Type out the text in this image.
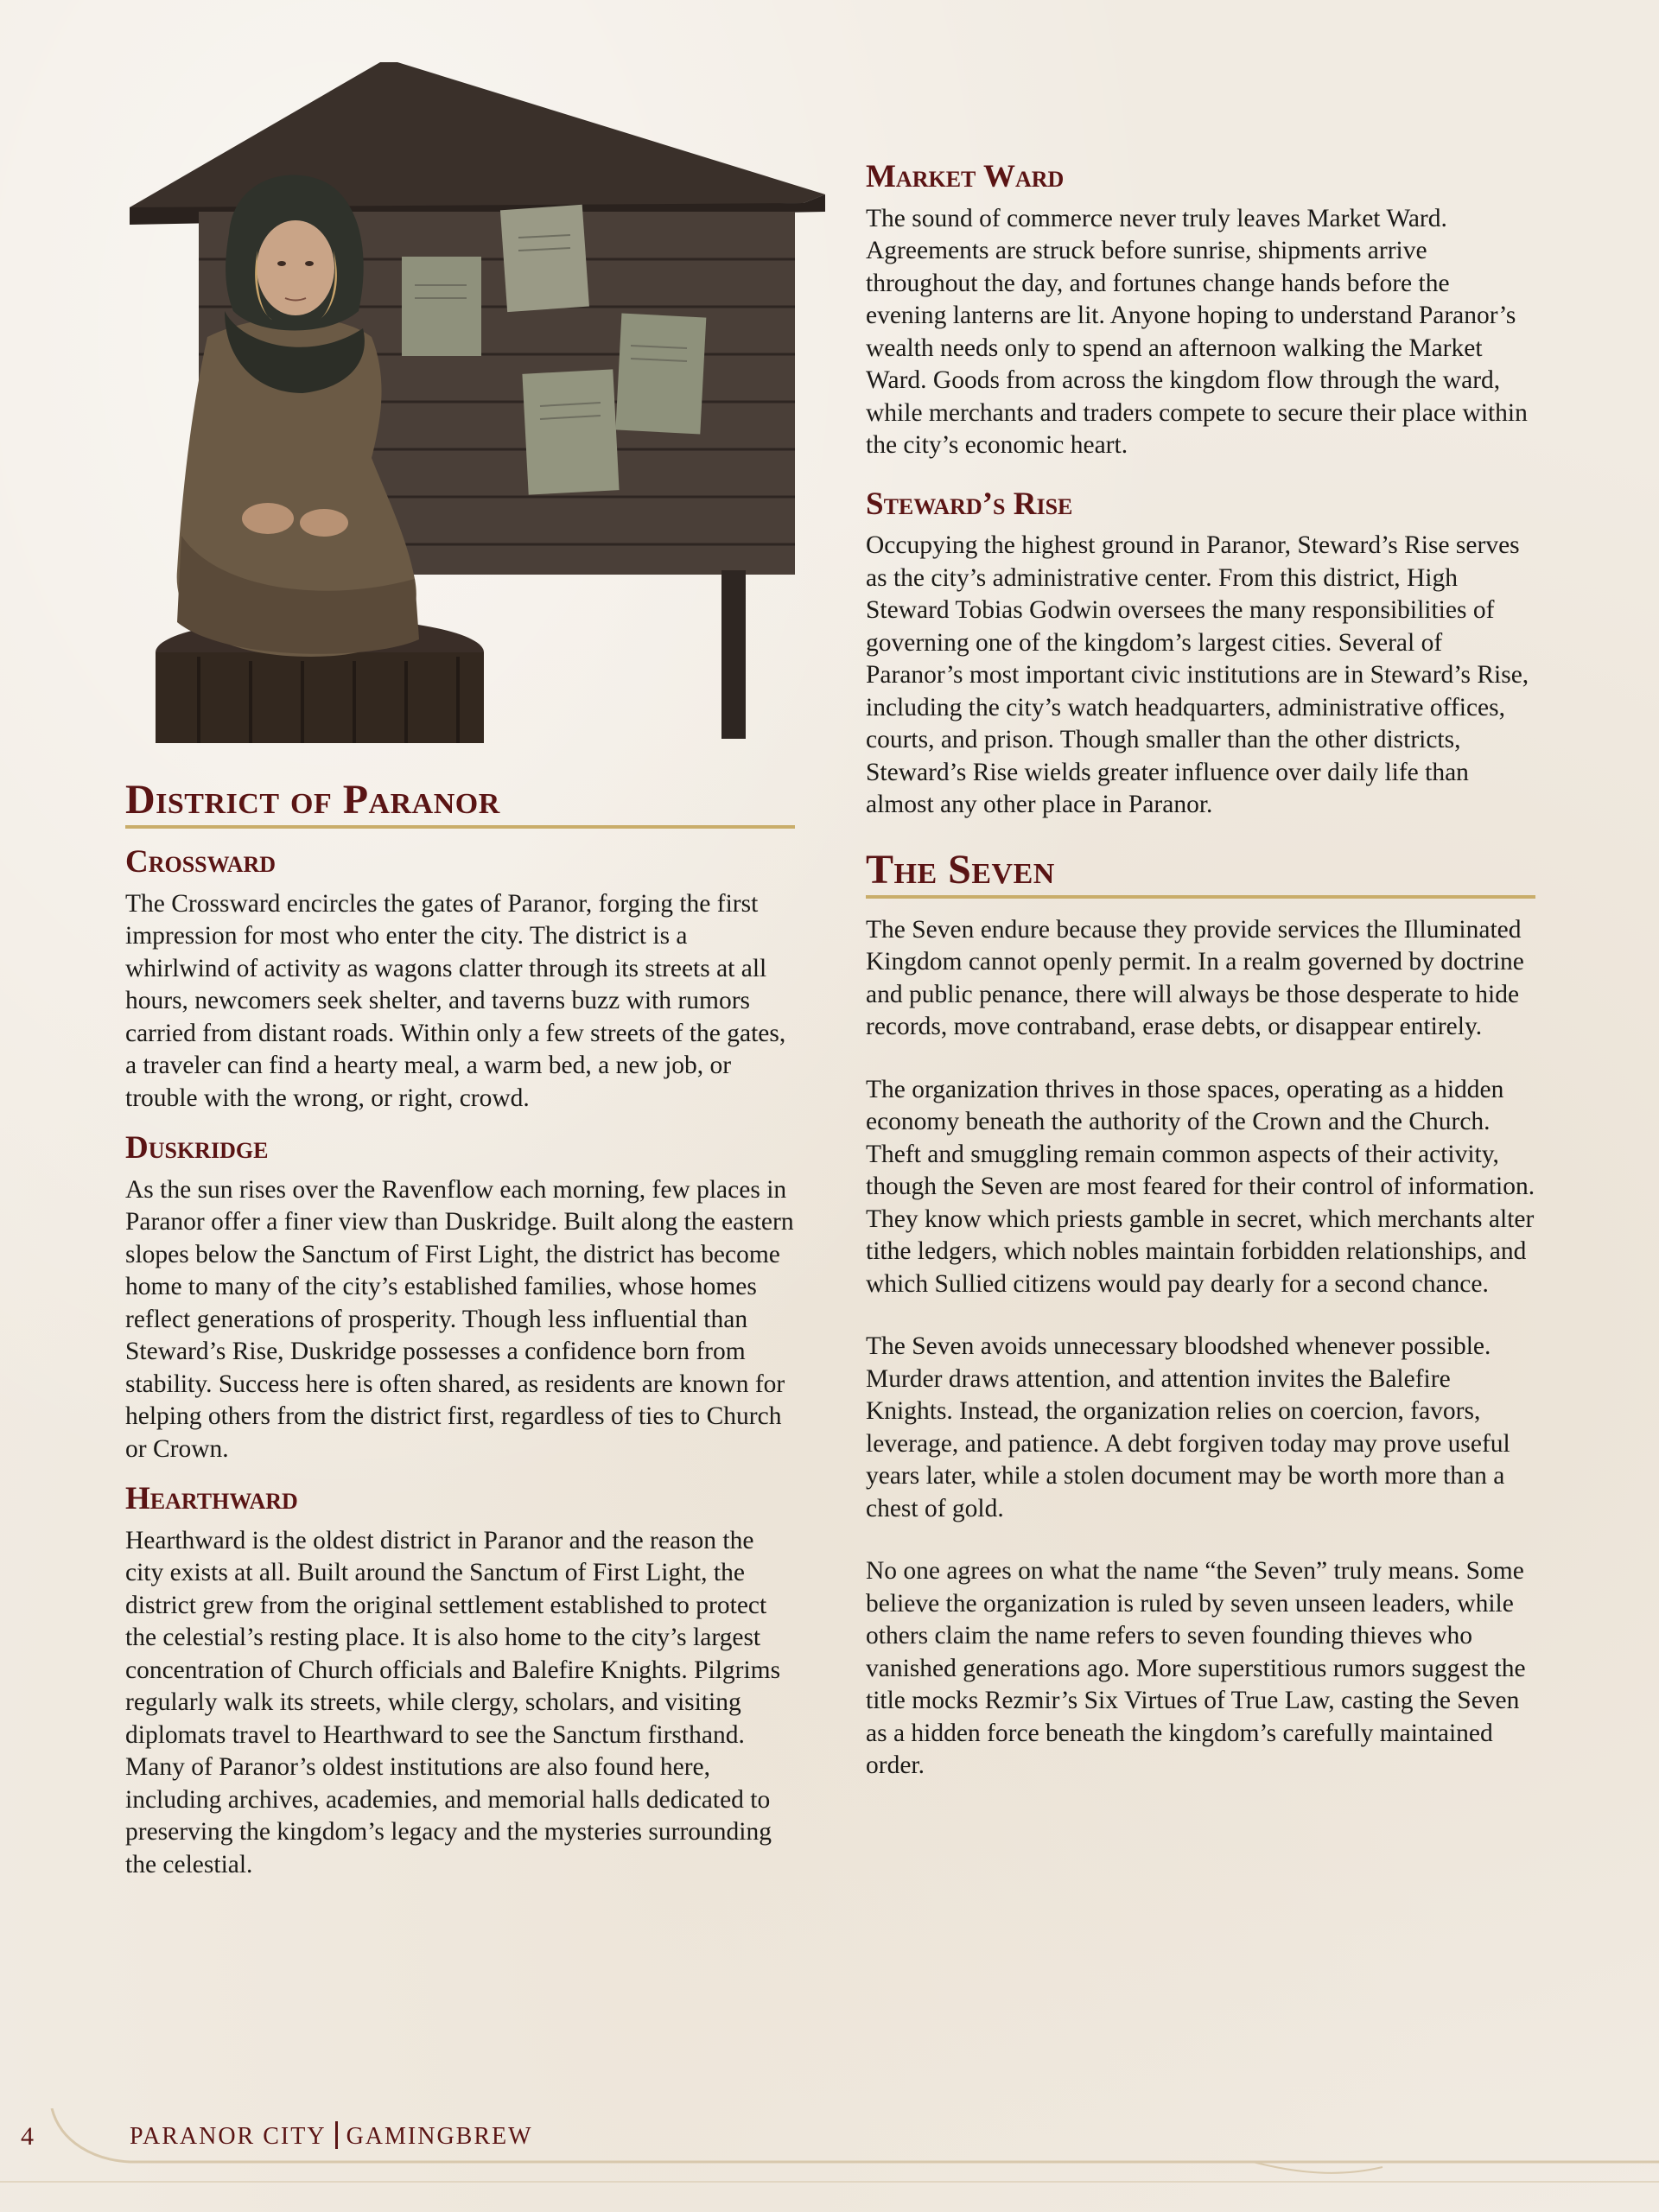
District of Paranor
Crossward

The Crossward encircles the gates of Paranor, forging the first impression for most who enter the city. The district is a whirlwind of activity as wagons clatter through its streets at all hours, newcomers seek shelter, and taverns buzz with rumors carried from distant roads. Within only a few streets of the gates, a traveler can find a hearty meal, a warm bed, a new job, or trouble with the wrong, or right, crowd.

Duskridge

As the sun rises over the Ravenflow each morning, few places in Paranor offer a finer view than Duskridge. Built along the eastern slopes below the Sanctum of First Light, the district has become home to many of the city’s established families, whose homes reflect generations of prosperity. Though less influential than Steward’s Rise, Duskridge possesses a confidence born from stability. Success here is often shared, as residents are known for helping others from the district first, regardless of ties to Church or Crown.

Hearthward

Hearthward is the oldest district in Paranor and the reason the city exists at all. Built around the Sanctum of First Light, the district grew from the original settlement established to protect the celestial’s resting place. It is also home to the city’s largest concentration of Church officials and Balefire Knights. Pilgrims regularly walk its streets, while clergy, scholars, and visiting diplomats travel to Hearthward to see the Sanctum firsthand. Many of Paranor’s oldest institutions are also found here, including archives, academies, and memorial halls dedicated to preserving the kingdom’s legacy and the mysteries surrounding the celestial.

Market Ward

The sound of commerce never truly leaves Market Ward. Agreements are struck before sunrise, shipments arrive throughout the day, and fortunes change hands before the evening lanterns are lit. Anyone hoping to understand Paranor’s wealth needs only to spend an afternoon walking the Market Ward. Goods from across the kingdom flow through the ward, while merchants and traders compete to secure their place within the city’s economic heart.

Steward’s Rise

Occupying the highest ground in Paranor, Steward’s Rise serves as the city’s administrative center. From this district, High Steward Tobias Godwin oversees the many responsibilities of governing one of the kingdom’s largest cities. Several of Paranor’s most important civic institutions are in Steward’s Rise, including the city’s watch headquarters, administrative offices, courts, and prison. Though smaller than the other districts, Steward’s Rise wields greater influence over daily life than almost any other place in Paranor.

The Seven

The Seven endure because they provide services the Illuminated Kingdom cannot openly permit. In a realm governed by doctrine and public penance, there will always be those desperate to hide records, move contraband, erase debts, or disappear entirely.

The organization thrives in those spaces, operating as a hidden economy beneath the authority of the Crown and the Church. Theft and smuggling remain common aspects of their activity, though the Seven are most feared for their control of information. They know which priests gamble in secret, which merchants alter tithe ledgers, which nobles maintain forbidden relationships, and which Sullied citizens would pay dearly for a second chance.

The Seven avoids unnecessary bloodshed whenever possible. Murder draws attention, and attention invites the Balefire Knights. Instead, the organization relies on coercion, favors, leverage, and patience. A debt forgiven today may prove useful years later, while a stolen document may be worth more than a chest of gold.

No one agrees on what the name “the Seven” truly means. Some believe the organization is ruled by seven unseen leaders, while others claim the name refers to seven founding thieves who vanished generations ago. More superstitious rumors suggest the title mocks Rezmir’s Six Virtues of True Law, casting the Seven as a hidden force beneath the kingdom’s carefully maintained order.

4	PARANOR CITY GAMINGBREW
